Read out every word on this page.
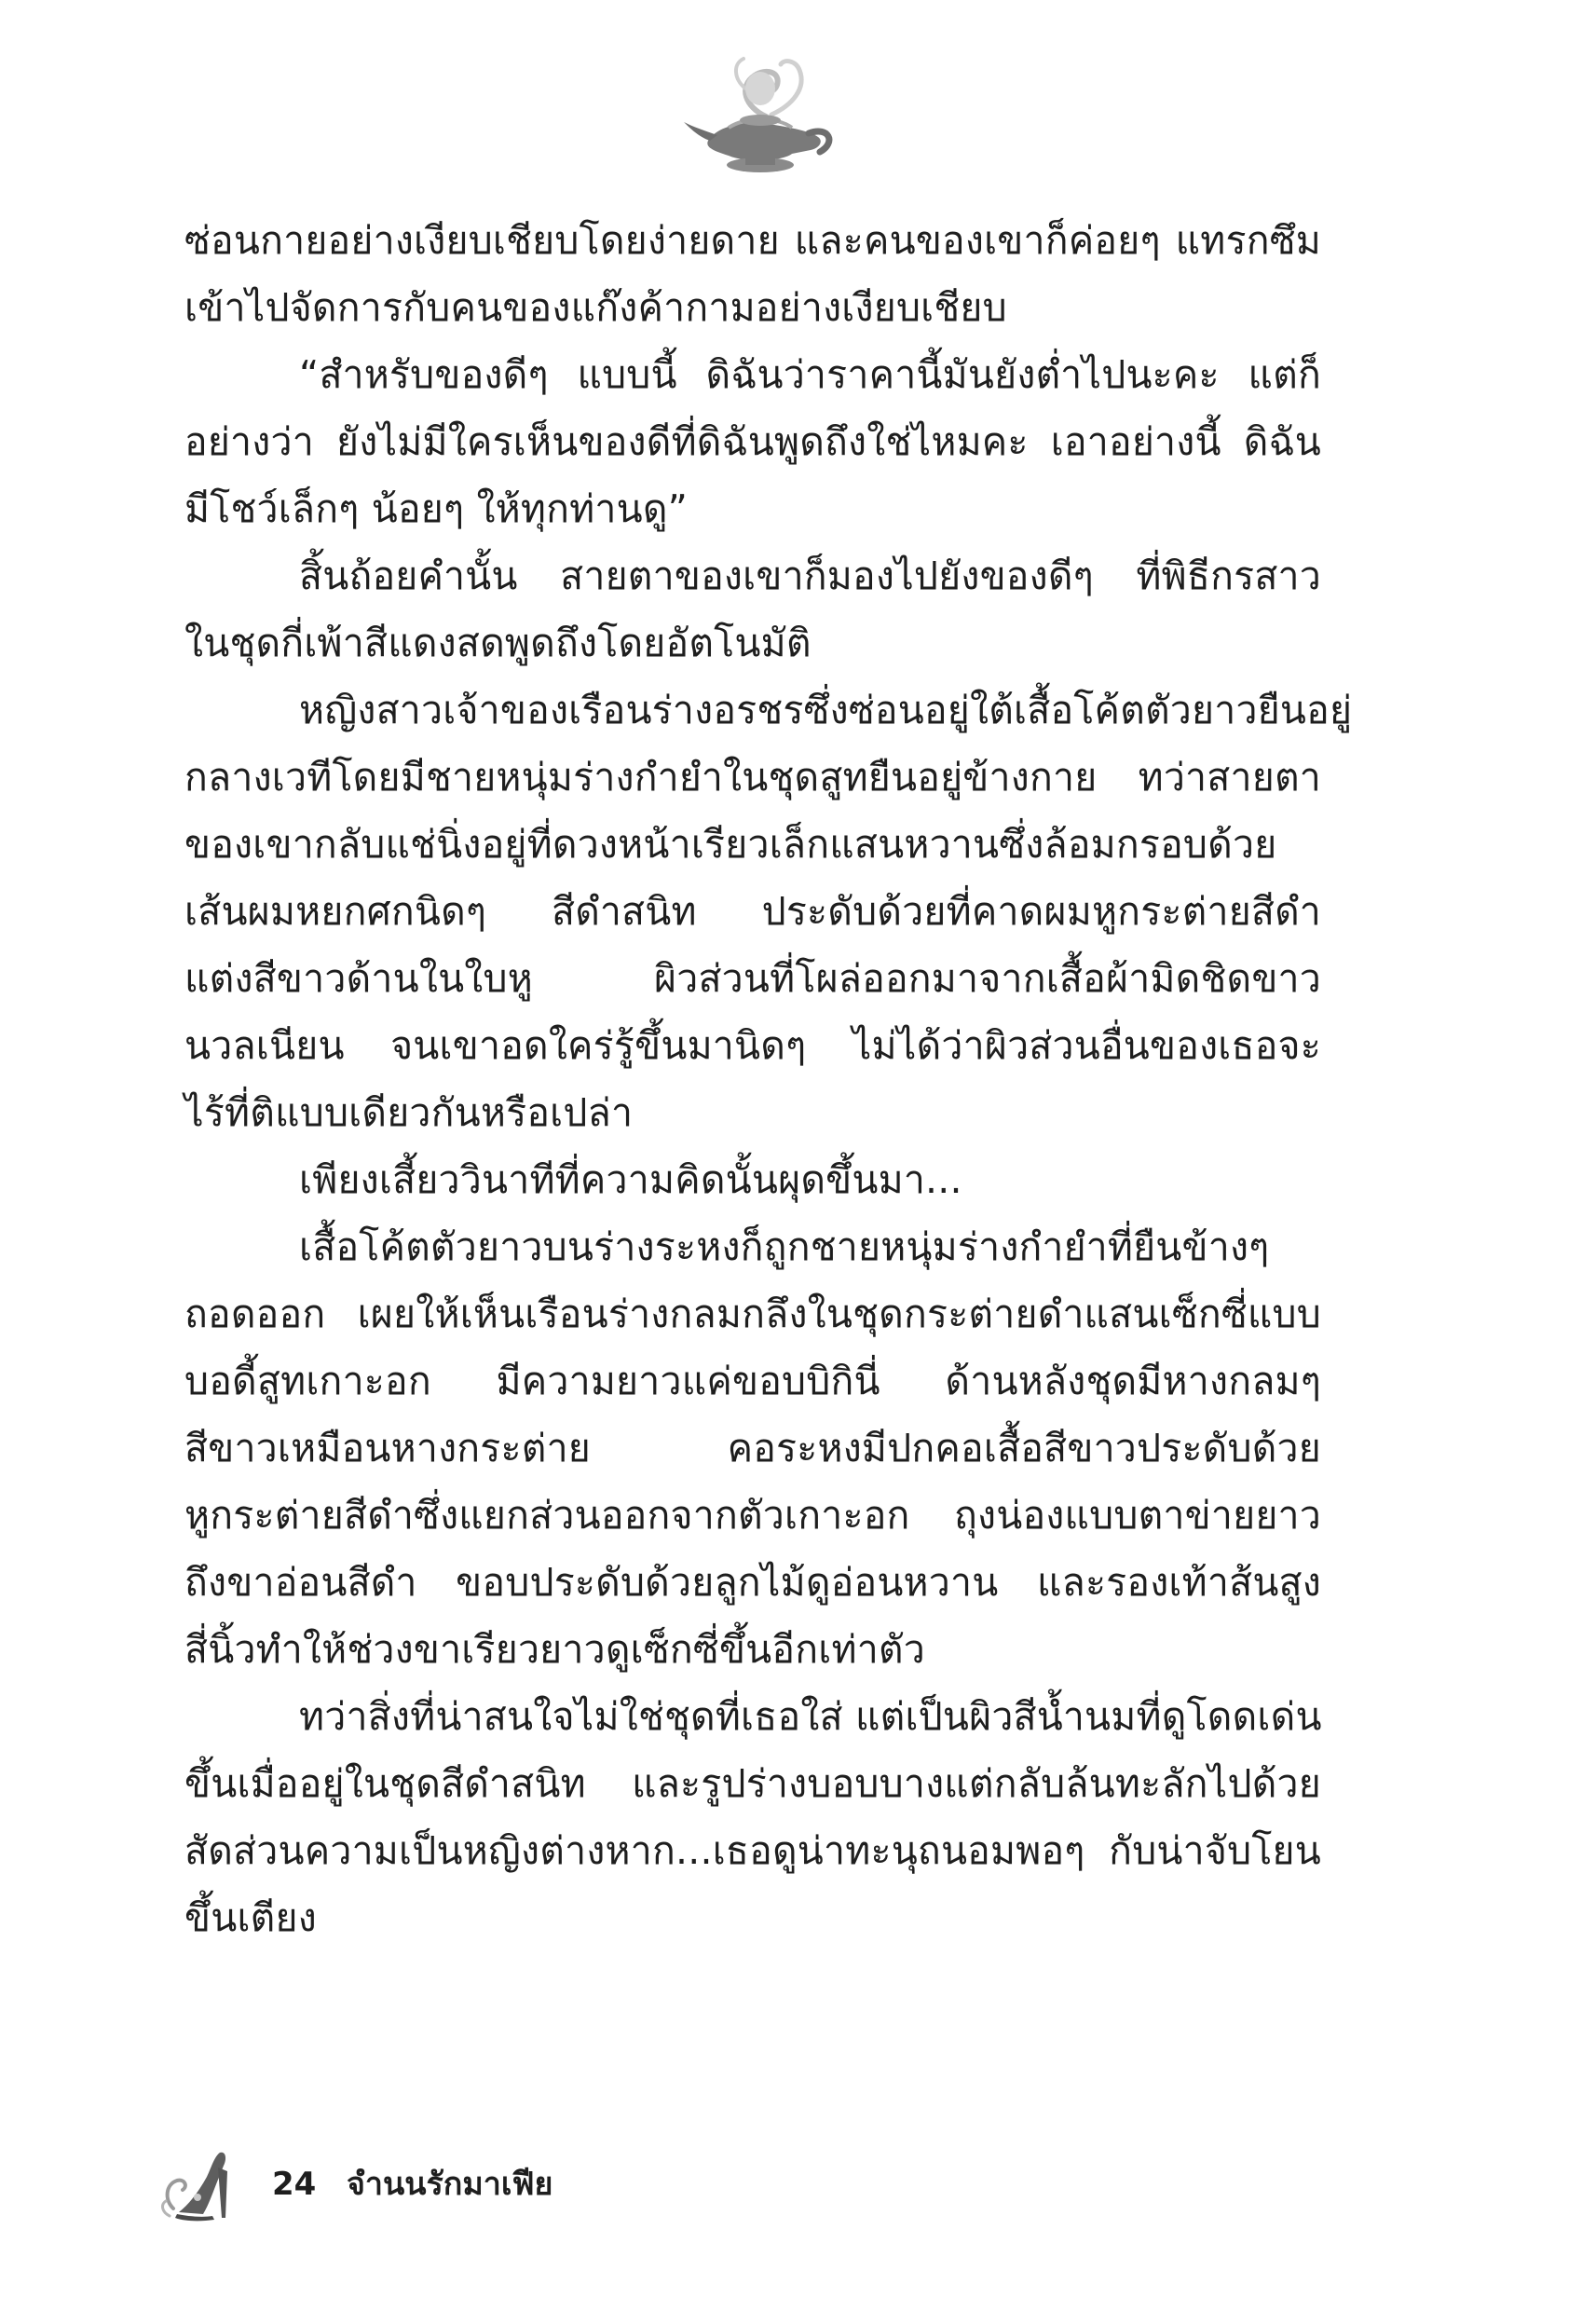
ซ่อนกายอย่างเงียบเชียบโดยง่ายดาย และคนของเขาก็ค่อยๆ แทรกซึม
เข้าไปจัดการกับคนของแก๊งค้ากามอย่างเงียบเชียบ
“สำหรับของดีๆ แบบนี้ ดิฉันว่าราคานี้มันยังต่ำไปนะคะ แต่ก็
อย่างว่า ยังไม่มีใครเห็นของดีที่ดิฉันพูดถึงใช่ไหมคะ เอาอย่างนี้ ดิฉัน
มีโชว์เล็กๆ น้อยๆ ให้ทุกท่านดู”
สิ้นถ้อยคำนั้น สายตาของเขาก็มองไปยังของดีๆ ที่พิธีกรสาว
ในชุดกี่เพ้าสีแดงสดพูดถึงโดยอัตโนมัติ
หญิงสาวเจ้าของเรือนร่างอรชรซึ่งซ่อนอยู่ใต้เสื้อโค้ตตัวยาวยืนอยู่
กลางเวทีโดยมีชายหนุ่มร่างกำยำในชุดสูทยืนอยู่ข้างกาย ทว่าสายตา
ของเขากลับแช่นิ่งอยู่ที่ดวงหน้าเรียวเล็กแสนหวานซึ่งล้อมกรอบด้วย
เส้นผมหยกศกนิดๆ สีดำสนิท ประดับด้วยที่คาดผมหูกระต่ายสีดำ
แต่งสีขาวด้านในใบหู ผิวส่วนที่โผล่ออกมาจากเสื้อผ้ามิดชิดขาว
นวลเนียน จนเขาอดใคร่รู้ขึ้นมานิดๆ ไม่ได้ว่าผิวส่วนอื่นของเธอจะ
ไร้ที่ติแบบเดียวกันหรือเปล่า
เพียงเสี้ยววินาทีที่ความคิดนั้นผุดขึ้นมา...
เสื้อโค้ตตัวยาวบนร่างระหงก็ถูกชายหนุ่มร่างกำยำที่ยืนข้างๆ
ถอดออก เผยให้เห็นเรือนร่างกลมกลึงในชุดกระต่ายดำแสนเซ็กซี่แบบ
บอดี้สูทเกาะอก มีความยาวแค่ขอบบิกินี่ ด้านหลังชุดมีหางกลมๆ
สีขาวเหมือนหางกระต่าย คอระหงมีปกคอเสื้อสีขาวประดับด้วย
หูกระต่ายสีดำซึ่งแยกส่วนออกจากตัวเกาะอก ถุงน่องแบบตาข่ายยาว
ถึงขาอ่อนสีดำ ขอบประดับด้วยลูกไม้ดูอ่อนหวาน และรองเท้าส้นสูง
สี่นิ้วทำให้ช่วงขาเรียวยาวดูเซ็กซี่ขึ้นอีกเท่าตัว
ทว่าสิ่งที่น่าสนใจไม่ใช่ชุดที่เธอใส่ แต่เป็นผิวสีน้ำนมที่ดูโดดเด่น
ขึ้นเมื่ออยู่ในชุดสีดำสนิท และรูปร่างบอบบางแต่กลับล้นทะลักไปด้วย
สัดส่วนความเป็นหญิงต่างหาก...เธอดูน่าทะนุถนอมพอๆ กับน่าจับโยน
ขึ้นเตียง
24 จำนนรักมาเฟีย
